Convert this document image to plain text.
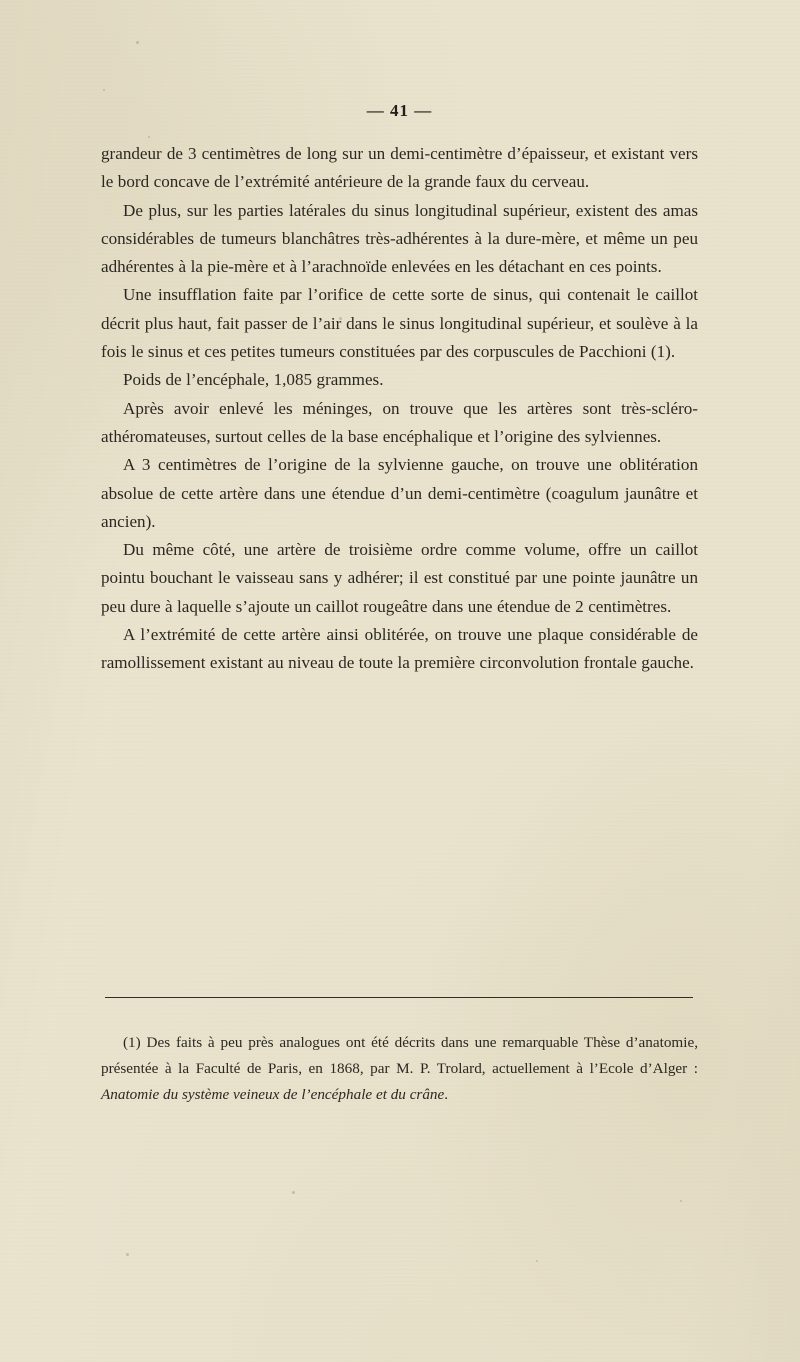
— 41 —

grandeur de 3 centimètres de long sur un demi-centimètre d’épaisseur, et existant vers le bord concave de l’extrémité antérieure de la grande faux du cerveau.

De plus, sur les parties latérales du sinus longitudinal supérieur, existent des amas considérables de tumeurs blanchâtres très-adhérentes à la dure-mère, et même un peu adhérentes à la pie-mère et à l’arachnoïde enlevées en les détachant en ces points.

Une insufflation faite par l’orifice de cette sorte de sinus, qui contenait le caillot décrit plus haut, fait passer de l’air dans le sinus longitudinal supérieur, et soulève à la fois le sinus et ces petites tumeurs constituées par des corpuscules de Pacchioni (1).

Poids de l’encéphale, 1,085 grammes.

Après avoir enlevé les méninges, on trouve que les artères sont très-scléro-athéromateuses, surtout celles de la base encéphalique et l’origine des sylviennes.

A 3 centimètres de l’origine de la sylvienne gauche, on trouve une oblitération absolue de cette artère dans une étendue d’un demi-centimètre (coagulum jaunâtre et ancien).

Du même côté, une artère de troisième ordre comme volume, offre un caillot pointu bouchant le vaisseau sans y adhérer; il est constitué par une pointe jaunâtre un peu dure à laquelle s’ajoute un caillot rougeâtre dans une étendue de 2 centimètres.

A l’extrémité de cette artère ainsi oblitérée, on trouve une plaque considérable de ramollissement existant au niveau de toute la première circonvolution frontale gauche.

(1) Des faits à peu près analogues ont été décrits dans une remarquable Thèse d’anatomie, présentée à la Faculté de Paris, en 1868, par M. P. Trolard, actuellement à l’Ecole d’Alger : Anatomie du système veineux de l’encéphale et du crâne.
